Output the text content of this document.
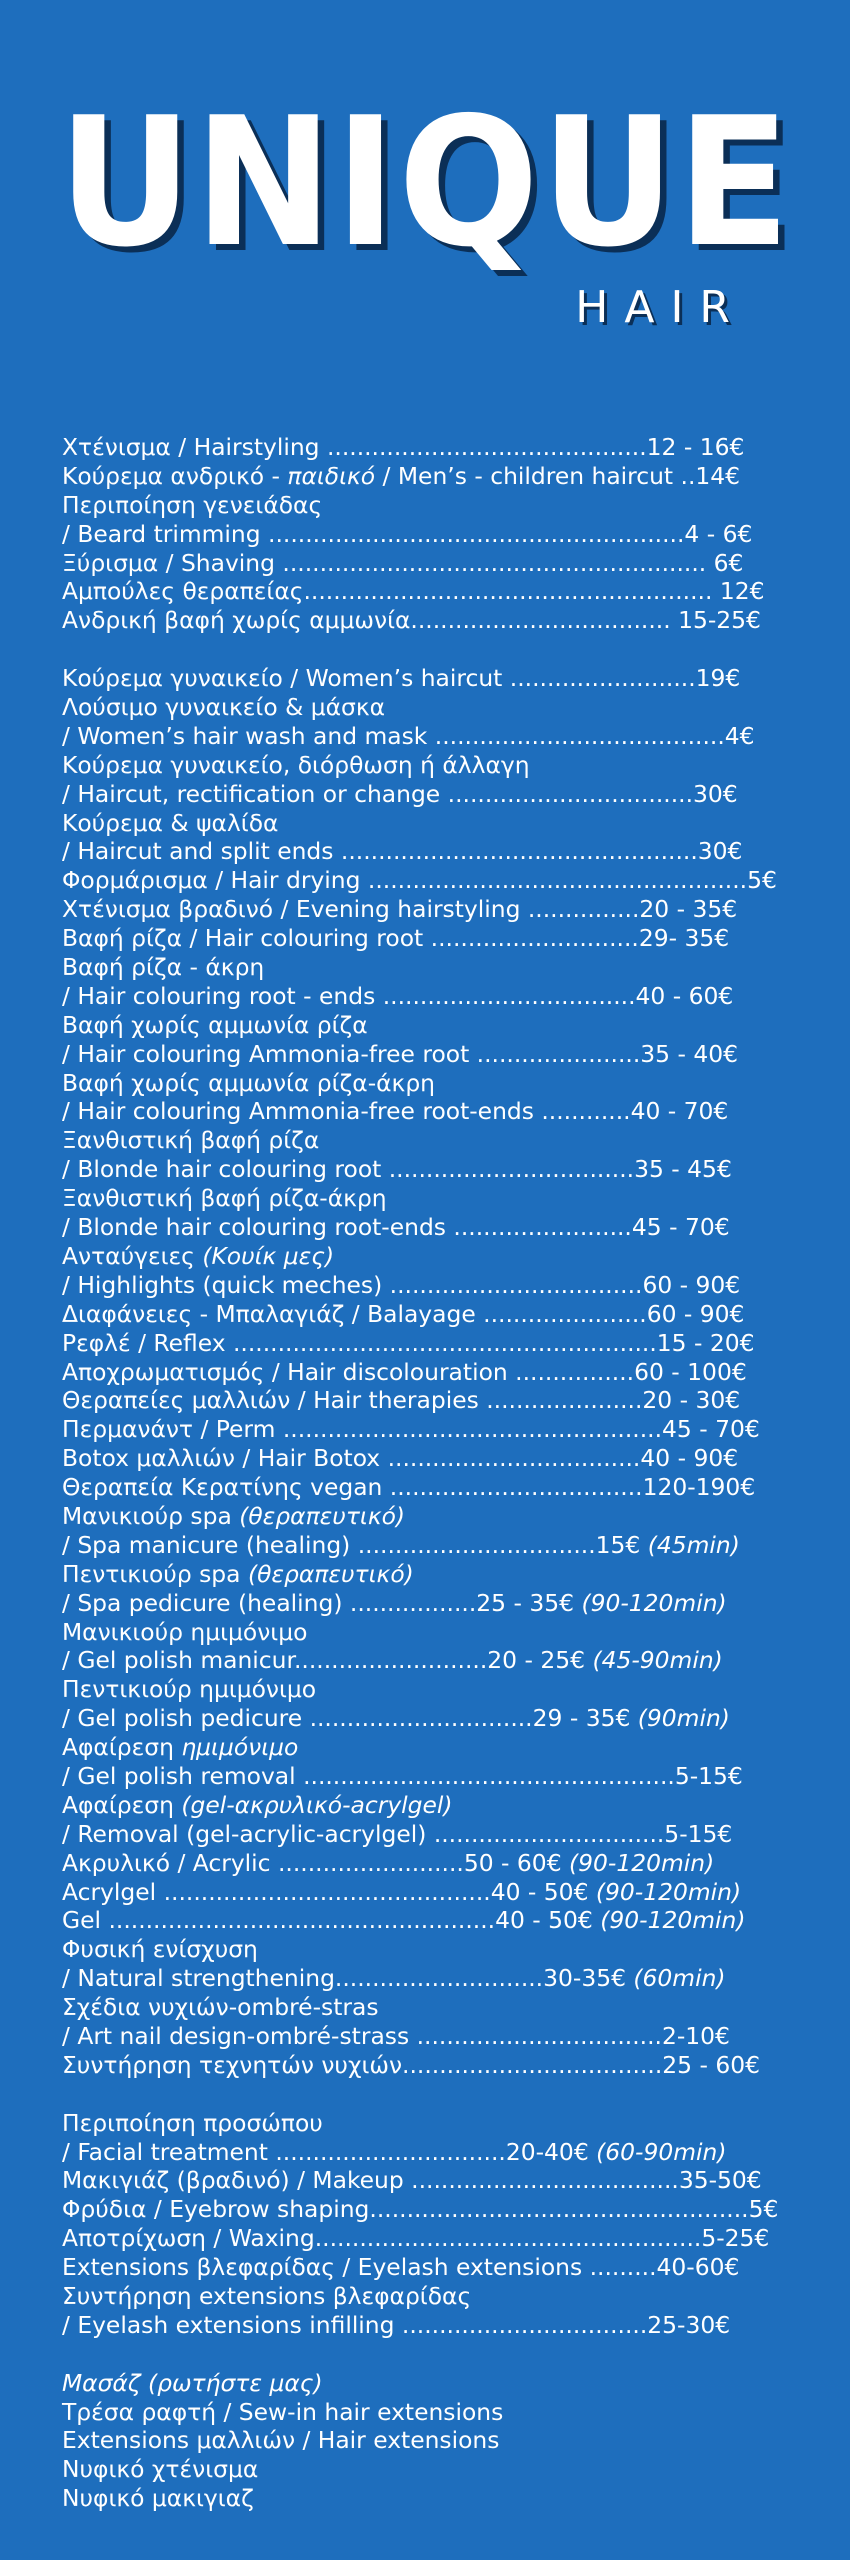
UNIQUE
HAIR
Χτένισμα / Hairstyling ...........................................12 - 16€
Κούρεμα ανδρικό - παιδικό / Men’s - children haircut ..14€
Περιποίηση γενειάδας
/ Beard trimming ........................................................4 - 6€
Ξύρισμα / Shaving ......................................................... 6€
Αμπούλες θεραπείας....................................................... 12€
Ανδρική βαφή χωρίς αμμωνία................................... 15-25€
Κούρεμα γυναικείο / Women’s haircut .........................19€
Λούσιμο γυναικείο & μάσκα
/ Women’s hair wash and mask .......................................4€
Κούρεμα γυναικείο, διόρθωση ή άλλαγη
/ Haircut, rectification or change .................................30€
Κούρεμα & ψαλίδα
/ Haircut and split ends ................................................30€
Φορμάρισμα / Hair drying ...................................................5€
Χτένισμα βραδινό / Evening hairstyling ...............20 - 35€
Βαφή ρίζα / Hair colouring root ............................29- 35€
Βαφή ρίζα - άκρη
/ Hair colouring root - ends ..................................40 - 60€
Βαφή χωρίς αμμωνία ρίζα
/ Hair colouring Ammonia-free root ......................35 - 40€
Βαφή χωρίς αμμωνία ρίζα-άκρη
/ Hair colouring Ammonia-free root-ends ............40 - 70€
Ξανθιστική βαφή ρίζα
/ Blonde hair colouring root .................................35 - 45€
Ξανθιστική βαφή ρίζα-άκρη
/ Blonde hair colouring root-ends ........................45 - 70€
Ανταύγειες (Κουίκ μες)
/ Highlights (quick meches) ..................................60 - 90€
Διαφάνειες - Μπαλαγιάζ / Balayage ......................60 - 90€
Ρεφλέ / Reflex .........................................................15 - 20€
Αποχρωματισμός / Hair discolouration ................60 - 100€
Θεραπείες μαλλιών / Hair therapies .....................20 - 30€
Περμανάντ / Perm ...................................................45 - 70€
Botox μαλλιών / Hair Botox ..................................40 - 90€
Θεραπεία Κερατίνης vegan ..................................120-190€
Μανικιούρ spa (θεραπευτικό)
/ Spa manicure (healing) ................................15€ (45min)
Πεντικιούρ spa (θεραπευτικό)
/ Spa pedicure (healing) .................25 - 35€ (90-120min)
Μανικιούρ ημιμόνιμο
/ Gel polish manicur..........................20 - 25€ (45-90min)
Πεντικιούρ ημιμόνιμο
/ Gel polish pedicure ..............................29 - 35€ (90min)
Αφαίρεση ημιμόνιμο
/ Gel polish removal ..................................................5-15€
Αφαίρεση (gel-ακρυλικό-acrylgel)
/ Removal (gel-acrylic-acrylgel) ...............................5-15€
Ακρυλικό / Acrylic .........................50 - 60€ (90-120min)
Acrylgel ............................................40 - 50€ (90-120min)
Gel ....................................................40 - 50€ (90-120min)
Φυσική ενίσχυση
/ Natural strengthening............................30-35€ (60min)
Σχέδια νυχιών-ombré-stras
/ Art nail design-ombré-strass .................................2-10€
Συντήρηση τεχνητών νυχιών...................................25 - 60€
Περιποίηση προσώπου
/ Facial treatment ...............................20-40€ (60-90min)
Μακιγιάζ (βραδινό) / Makeup ....................................35-50€
Φρύδια / Eyebrow shaping...................................................5€
Αποτρίχωση / Waxing....................................................5-25€
Extensions βλεφαρίδας / Eyelash extensions .........40-60€
Συντήρηση extensions βλεφαρίδας
/ Eyelash extensions infilling .................................25-30€
Μασάζ (ρωτήστε μας)
Τρέσα ραφτή / Sew-in hair extensions
Extensions μαλλιών / Hair extensions
Νυφικό χτένισμα
Νυφικό μακιγιαζ
